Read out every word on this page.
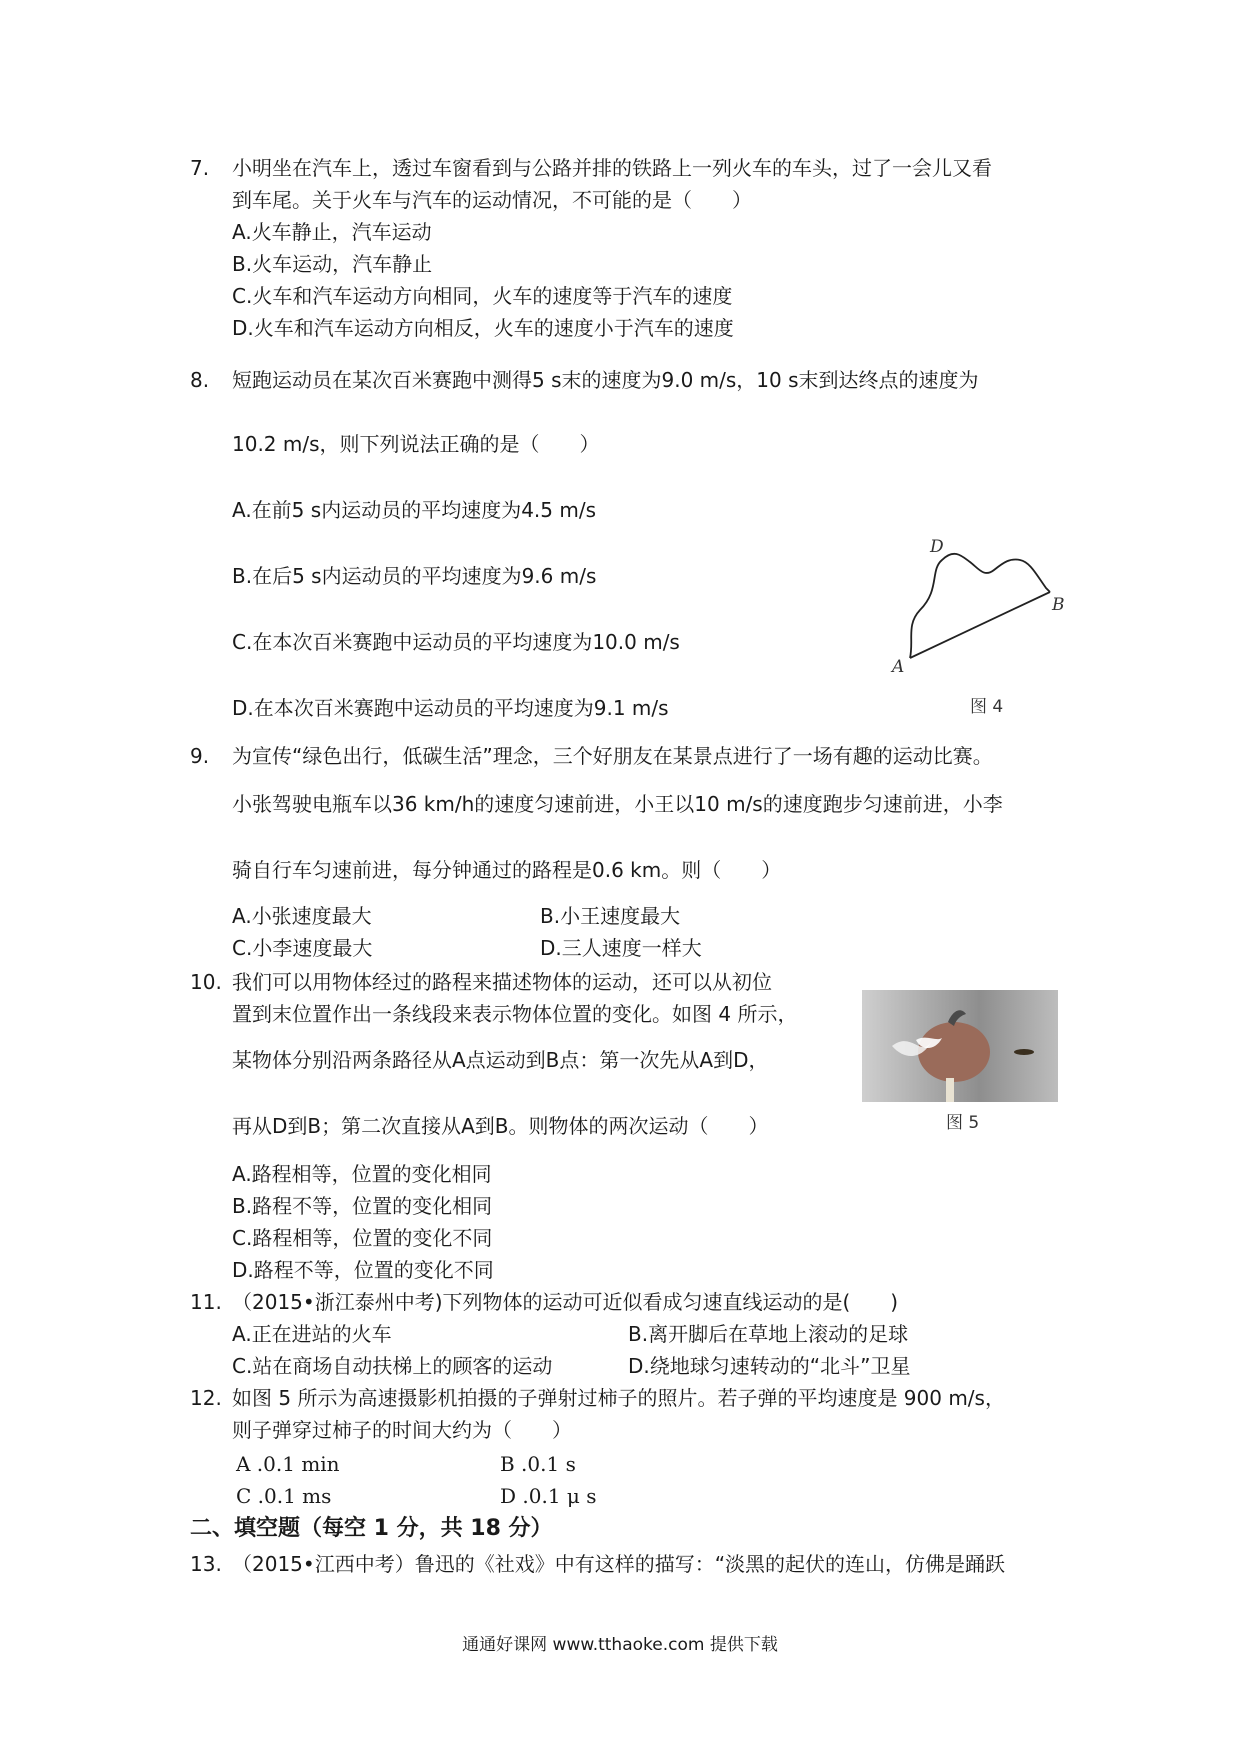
7. 小明坐在汽车上，透过车窗看到与公路并排的铁路上一列火车的车头，过了一会儿又看
到车尾。关于火车与汽车的运动情况，不可能的是（　　）
A.火车静止，汽车运动
B.火车运动，汽车静止
C.火车和汽车运动方向相同，火车的速度等于汽车的速度
D.火车和汽车运动方向相反，火车的速度小于汽车的速度
8. 短跑运动员在某次百米赛跑中测得5 s末的速度为9.0 m/s，10 s末到达终点的速度为
10.2 m/s，则下列说法正确的是（　　）
A.在前5 s内运动员的平均速度为4.5 m/s
B.在后5 s内运动员的平均速度为9.6 m/s
C.在本次百米赛跑中运动员的平均速度为10.0 m/s
D.在本次百米赛跑中运动员的平均速度为9.1 m/s
D
B
A
图 4
9. 为宣传“绿色出行，低碳生活”理念，三个好朋友在某景点进行了一场有趣的运动比赛。
小张驾驶电瓶车以36 km/h的速度匀速前进，小王以10 m/s的速度跑步匀速前进，小李
骑自行车匀速前进，每分钟通过的路程是0.6 km。则（　　）
A.小张速度最大	B.小王速度最大
C.小李速度最大	D.三人速度一样大
10. 我们可以用物体经过的路程来描述物体的运动，还可以从初位
置到末位置作出一条线段来表示物体位置的变化。如图 4 所示，
某物体分别沿两条路径从A点运动到B点：第一次先从A到D，
再从D到B；第二次直接从A到B。则物体的两次运动（　　）
A.路程相等，位置的变化相同
B.路程不等，位置的变化相同
C.路程相等，位置的变化不同
D.路程不等，位置的变化不同
图 5
11. （2015•浙江泰州中考)下列物体的运动可近似看成匀速直线运动的是(　　)
A.正在进站的火车	B.离开脚后在草地上滚动的足球
C.站在商场自动扶梯上的顾客的运动	D.绕地球匀速转动的“北斗”卫星
12. 如图 5 所示为高速摄影机拍摄的子弹射过柿子的照片。若子弹的平均速度是 900 m/s，
则子弹穿过柿子的时间大约为（　　）
A .0.1 min	B .0.1 s
C .0.1 ms	D .0.1 μ s
二、填空题（每空 1 分，共 18 分）
13. （2015•江西中考）鲁迅的《社戏》中有这样的描写：“淡黑的起伏的连山，仿佛是踊跃
通通好课网 www.tthaoke.com 提供下载
